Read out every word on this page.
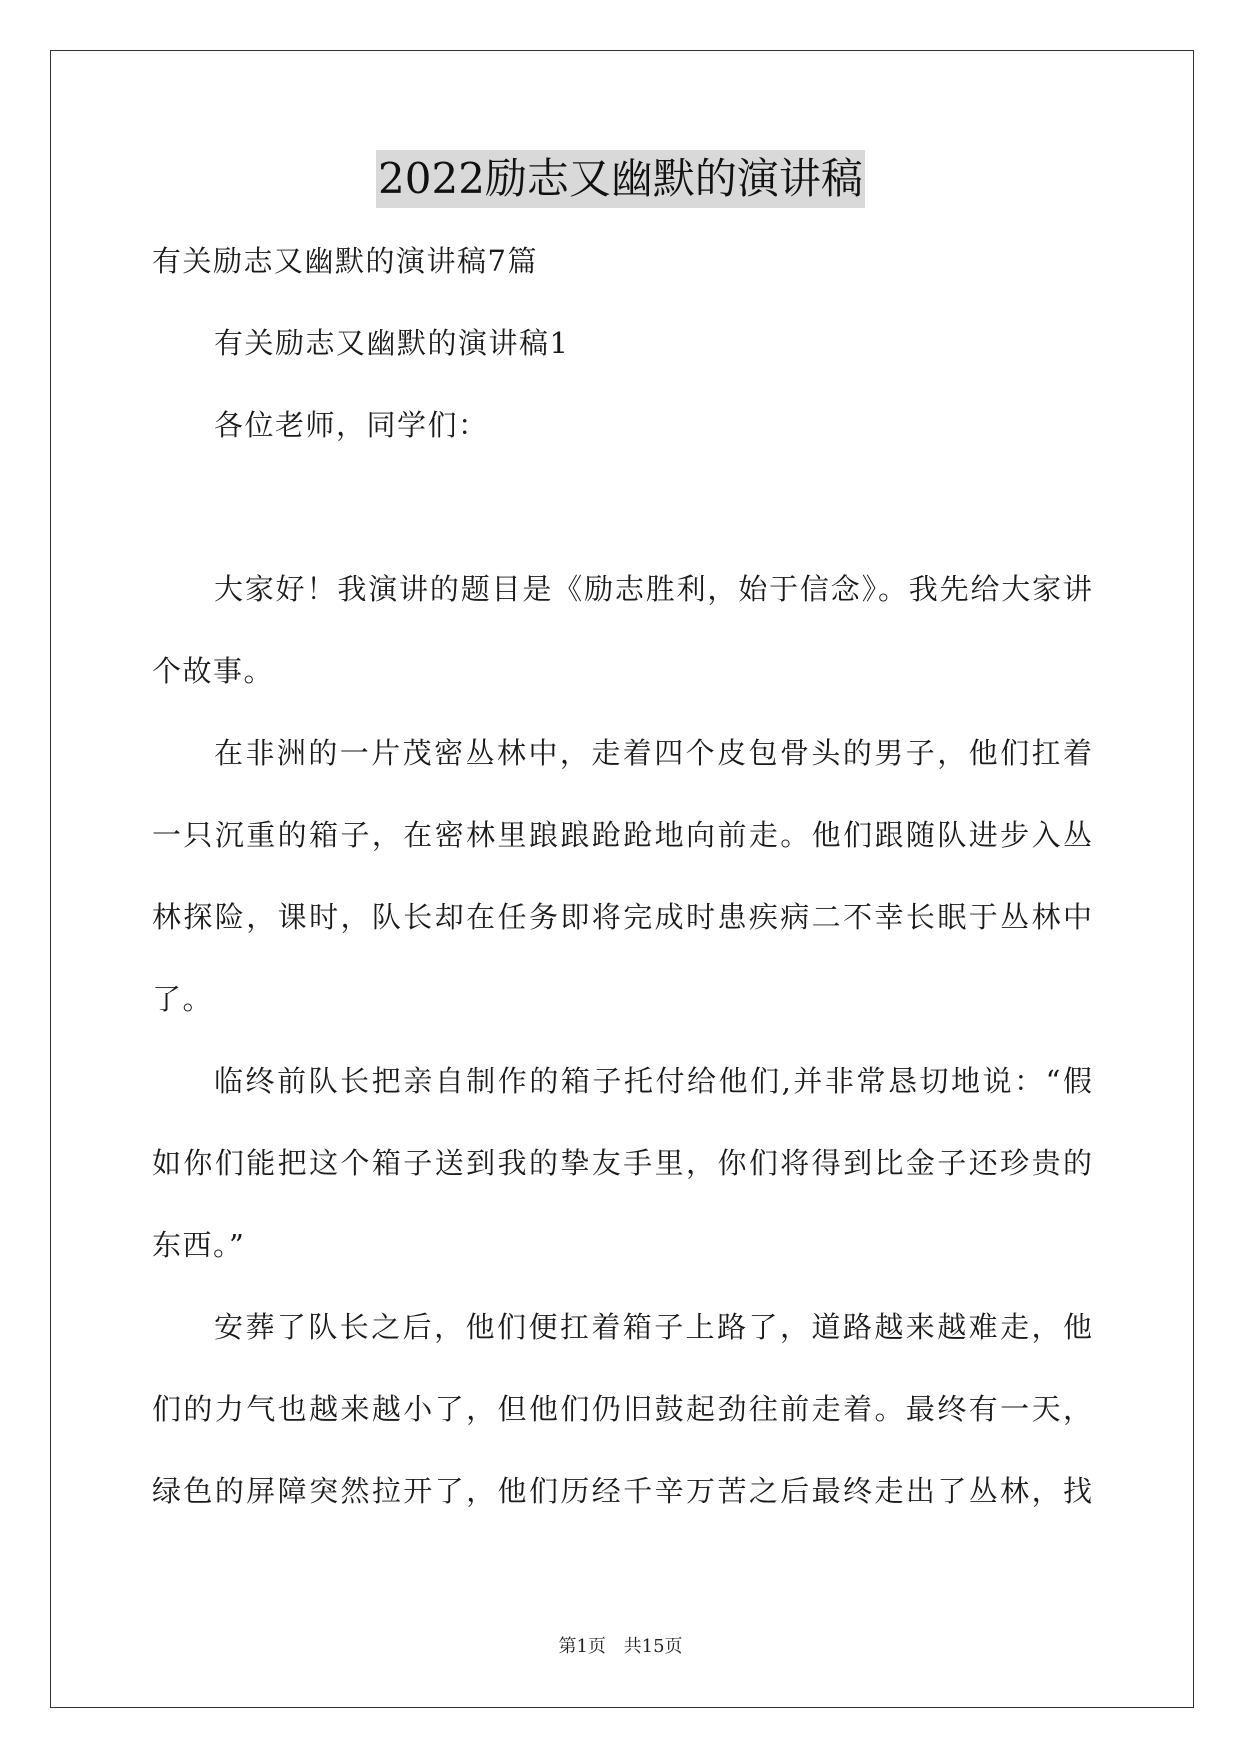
2022励志又幽默的演讲稿
有关励志又幽默的演讲稿7篇
有关励志又幽默的演讲稿1
各位老师，同学们：
大家好！我演讲的题目是《励志胜利，始于信念》。我先给大家讲
个故事。
在非洲的一片茂密丛林中，走着四个皮包骨头的男子，他们扛着
一只沉重的箱子，在密林里踉踉跄跄地向前走。他们跟随队进步入丛
林探险，课时，队长却在任务即将完成时患疾病二不幸长眠于丛林中
了。
临终前队长把亲自制作的箱子托付给他们,并非常恳切地说：“假
如你们能把这个箱子送到我的挚友手里，你们将得到比金子还珍贵的
东西。”
安葬了队长之后，他们便扛着箱子上路了，道路越来越难走，他
们的力气也越来越小了，但他们仍旧鼓起劲往前走着。最终有一天，
绿色的屏障突然拉开了，他们历经千辛万苦之后最终走出了丛林，找
第1页 共15页
